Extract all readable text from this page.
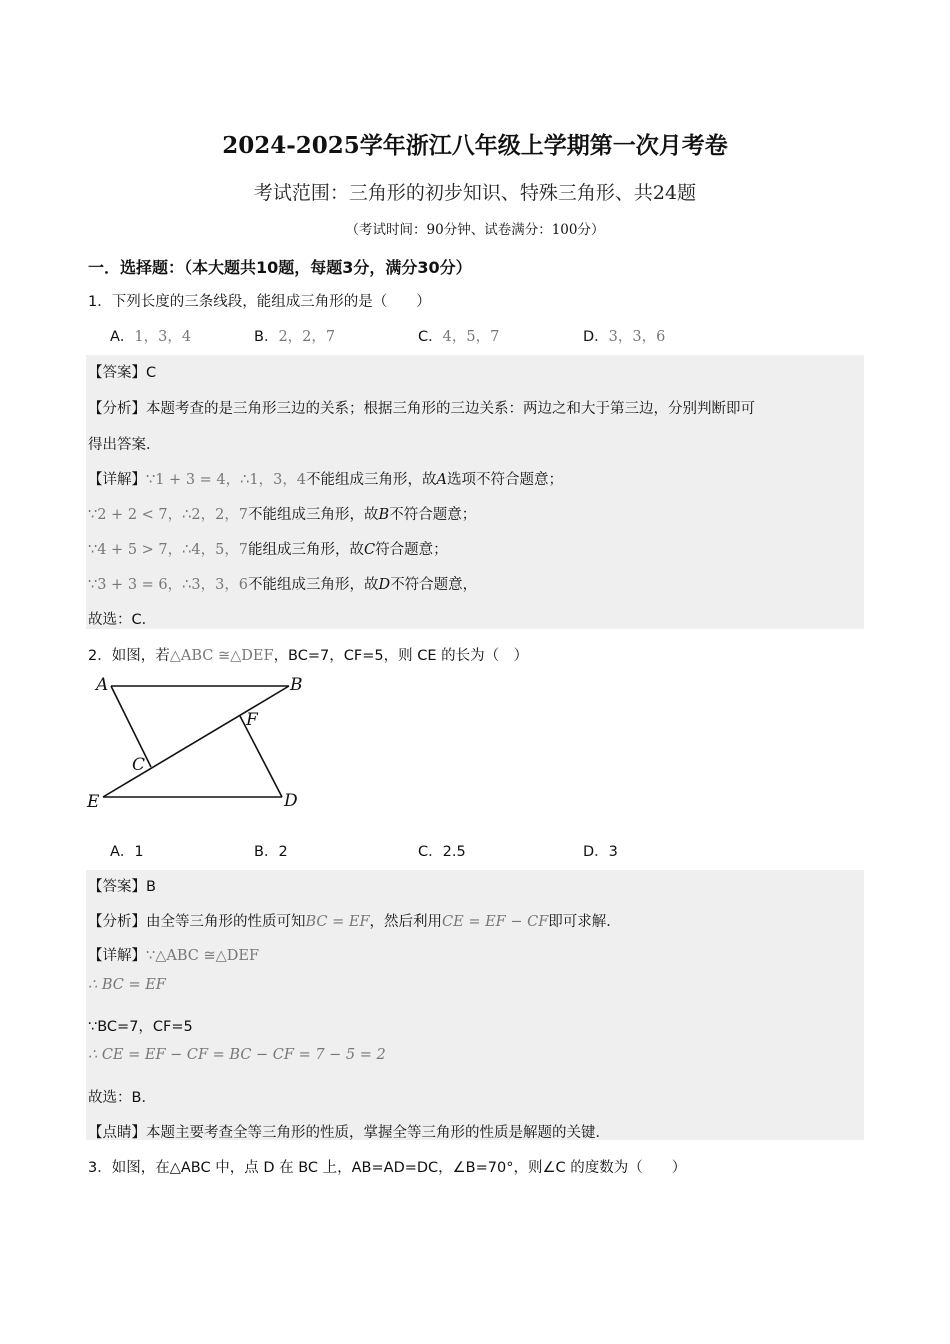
2024-2025学年浙江八年级上学期第一次月考卷
考试范围：三角形的初步知识、特殊三角形、共24题
（考试时间：90分钟、试卷满分：100分）
一．选择题：（本大题共10题，每题3分，满分30分）
1．下列长度的三条线段，能组成三角形的是（　　）
A．1，3，4	B．2，2，7	C．4，5，7	D．3，3，6
【答案】C
【分析】本题考查的是三角形三边的关系；根据三角形的三边关系：两边之和大于第三边，分别判断即可
得出答案．
【详解】∵1 + 3 = 4，∴1，3，4不能组成三角形，故A选项不符合题意；
∵2 + 2 < 7，∴2，2，7不能组成三角形，故B不符合题意；
∵4 + 5 > 7，∴4，5，7能组成三角形，故C符合题意；
∵3 + 3 = 6，∴3，3，6不能组成三角形，故D不符合题意，
故选：C．
2．如图，若△ABC ≅△DEF，BC=7，CF=5，则 CE 的长为（　）
A	B
C
F
E	D
A．1	B．2	C．2.5	D．3
【答案】B
【分析】由全等三角形的性质可知BC = EF，然后利用CE = EF − CF即可求解．
【详解】∵△ABC ≅△DEF
∴ BC = EF
∵BC=7，CF=5
∴ CE = EF − CF = BC − CF = 7 − 5 = 2
故选：B．
【点睛】本题主要考查全等三角形的性质，掌握全等三角形的性质是解题的关键．
3．如图，在△ABC 中，点 D 在 BC 上，AB=AD=DC，∠B=70°，则∠C 的度数为（　　）
